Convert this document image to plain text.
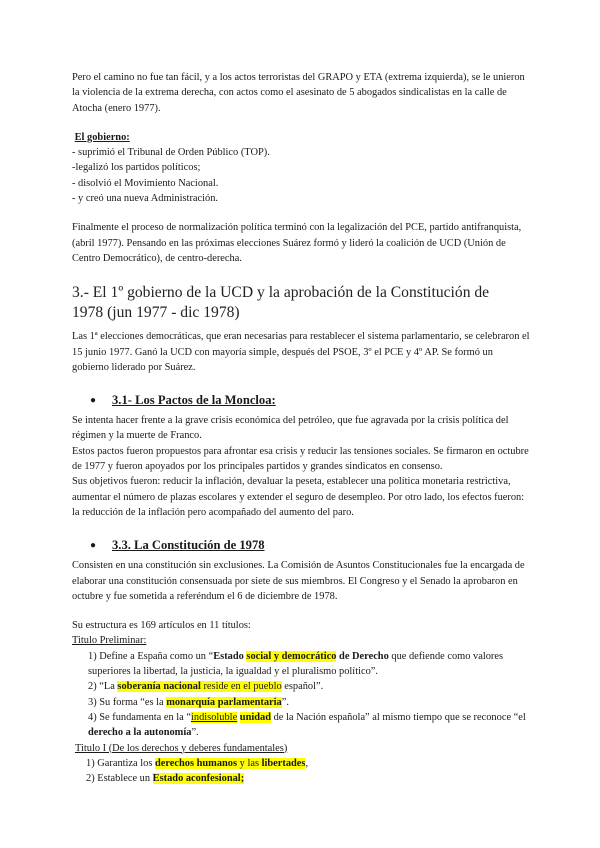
Pero el camino no fue tan fácil, y a los actos terroristas del GRAPO y ETA (extrema izquierda), se le unieron la violencia de la extrema derecha, con actos como el asesinato de 5 abogados sindicalistas en la calle de Atocha (enero 1977).

El gobierno:

- suprimió el Tribunal de Orden Público (TOP).

-legalizó los partidos políticos;

- disolvió el Movimiento Nacional.

- y creó una nueva Administración.

Finalmente el proceso de normalización política terminó con la legalización del PCE, partido antifranquista, (abril 1977). Pensando en las próximas elecciones Suárez formó y lideró la coalición de UCD (Unión de Centro Democrático), de centro-derecha.

3.- El 1º gobierno de la UCD y la aprobación de la Constitución de
1978 (jun 1977 - dic 1978)

Las 1ª elecciones democráticas, que eran necesarias para restablecer el sistema parlamentario, se celebraron el 15 junio 1977. Ganó la UCD con mayoría simple, después del PSOE, 3º el PCE y 4º AP. Se formó un gobierno liderado por Suárez.

●	3.1- Los Pactos de la Moncloa:

Se intenta hacer frente a la grave crisis económica del petróleo, que fue agravada por la crisis política del régimen y la muerte de Franco.

Estos pactos fueron propuestos para afrontar esa crisis y reducir las tensiones sociales. Se firmaron en octubre de 1977 y fueron apoyados por los principales partidos y grandes sindicatos en consenso.

Sus objetivos fueron: reducir la inflación, devaluar la peseta, establecer una política monetaria restrictiva, aumentar el número de plazas escolares y extender el seguro de desempleo. Por otro lado, los efectos fueron: la reducción de la inflación pero acompañado del aumento del paro.

●	3.3. La Constitución de 1978

Consisten en una constitución sin exclusiones. La Comisión de Asuntos Constitucionales fue la encargada de elaborar una constitución consensuada por siete de sus miembros. El Congreso y el Senado la aprobaron en octubre y fue sometida a referéndum el 6 de diciembre de 1978.

Su estructura es 169 artículos en 11 títulos:

Titulo Preliminar:

1) Define a España como un “Estado social y democrático de Derecho que defiende como valores superiores la libertad, la justicia, la igualdad y el pluralismo político”.

2) “La soberanía nacional reside en el pueblo español”.

3) Su forma “es la monarquía parlamentaria”.

4) Se fundamenta en la “indisoluble unidad de la Nación española” al mismo tiempo que se reconoce “el derecho a la autonomía”.

Titulo I (De los derechos y deberes fundamentales)

1) Garantiza los derechos humanos y las libertades,

2) Establece un Estado aconfesional;
